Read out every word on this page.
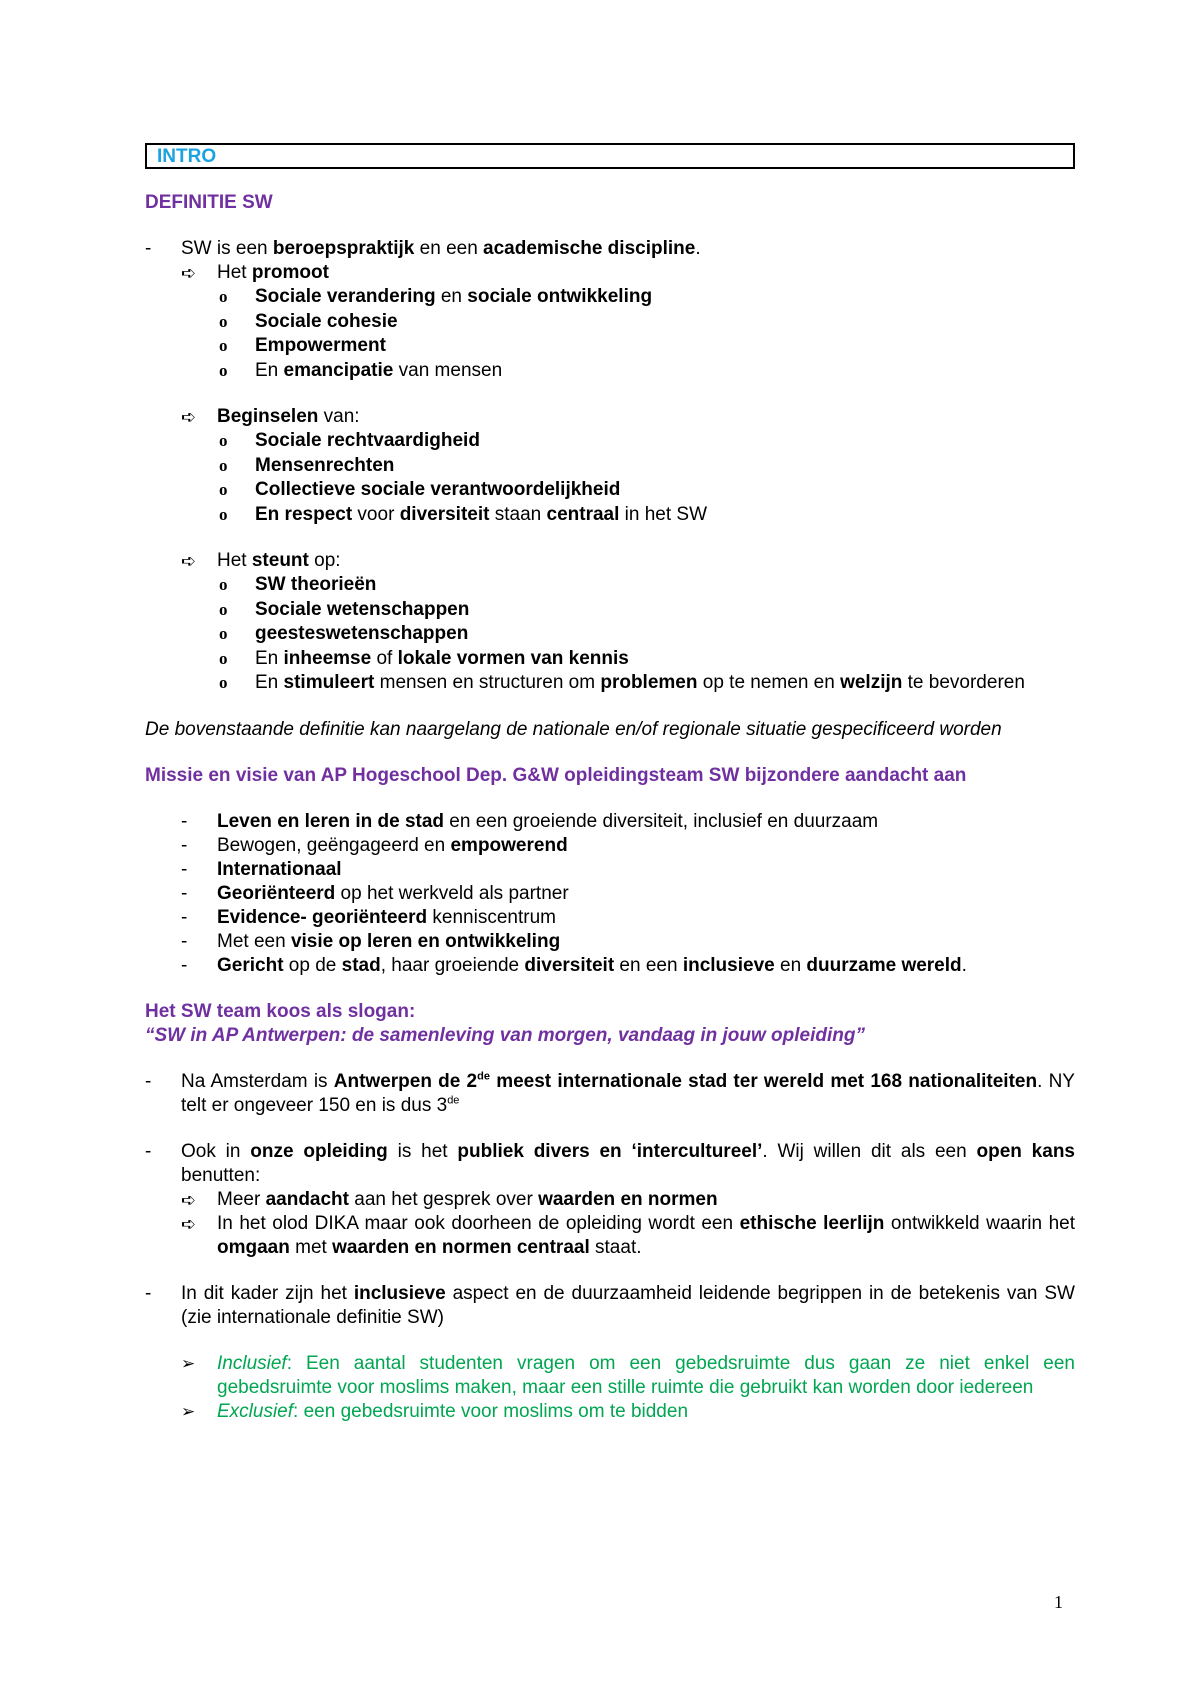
INTRO
DEFINITIE SW
- SW is een beroepspraktijk en een academische discipline.
➪ Het promoot
o Sociale verandering en sociale ontwikkeling
o Sociale cohesie
o Empowerment
o En emancipatie van mensen
➪ Beginselen van:
o Sociale rechtvaardigheid
o Mensenrechten
o Collectieve sociale verantwoordelijkheid
o En respect voor diversiteit staan centraal in het SW
➪ Het steunt op:
o SW theorieën
o Sociale wetenschappen
o geesteswetenschappen
o En inheemse of lokale vormen van kennis
o En stimuleert mensen en structuren om problemen op te nemen en welzijn te bevorderen
De bovenstaande definitie kan naargelang de nationale en/of regionale situatie gespecificeerd worden
Missie en visie van AP Hogeschool Dep. G&W opleidingsteam SW bijzondere aandacht aan
- Leven en leren in de stad en een groeiende diversiteit, inclusief en duurzaam
- Bewogen, geëngageerd en empowerend
- Internationaal
- Georiënteerd op het werkveld als partner
- Evidence- georiënteerd kenniscentrum
- Met een visie op leren en ontwikkeling
- Gericht op de stad, haar groeiende diversiteit en een inclusieve en duurzame wereld.
Het SW team koos als slogan:
“SW in AP Antwerpen: de samenleving van morgen, vandaag in jouw opleiding”
- Na Amsterdam is Antwerpen de 2de meest internationale stad ter wereld met 168 nationaliteiten. NY telt er ongeveer 150 en is dus 3de
- Ook in onze opleiding is het publiek divers en ‘intercultureel’. Wij willen dit als een open kans benutten:
➪ Meer aandacht aan het gesprek over waarden en normen
➪ In het olod DIKA maar ook doorheen de opleiding wordt een ethische leerlijn ontwikkeld waarin het omgaan met waarden en normen centraal staat.
- In dit kader zijn het inclusieve aspect en de duurzaamheid leidende begrippen in de betekenis van SW (zie internationale definitie SW)
➢ Inclusief: Een aantal studenten vragen om een gebedsruimte dus gaan ze niet enkel een gebedsruimte voor moslims maken, maar een stille ruimte die gebruikt kan worden door iedereen
➢ Exclusief: een gebedsruimte voor moslims om te bidden
1
